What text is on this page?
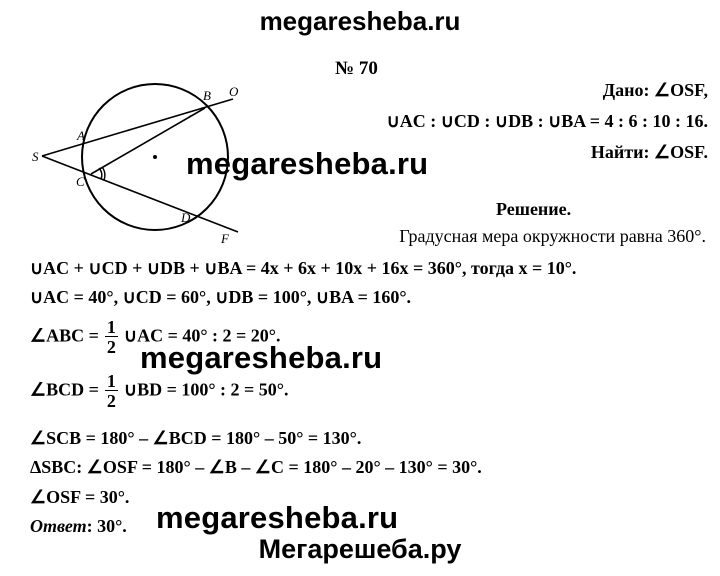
megaresheba.ru
Мегарешеба.ру
№ 70
S
A
B O
C
D
F
Дано: ∠OSF,
∪AC : ∪CD : ∪DB : ∪BA = 4 : 6 : 10 : 16.
Найти: ∠OSF.
Решение.
Градусная мера окружности равна 360°.
∪AC + ∪CD + ∪DB + ∪BA = 4x + 6x + 10x + 16x = 360°, тогда x = 10°.
∪AC = 40°, ∪CD = 60°, ∪DB = 100°, ∪BA = 160°.
∠ABC = $\frac{1}{2}$ ∪AC = 40° : 2 = 20°.
∠BCD = $\frac{1}{2}$ ∪BD = 100° : 2 = 50°.
∠SCB = 180° – ∠BCD = 180° – 50° = 130°.
ΔSBC: ∠OSF = 180° – ∠B – ∠C = 180° – 20° – 130° = 30°.
∠OSF = 30°.
Ответ: 30°.
megaresheba.ru
megaresheba.ru
megaresheba.ru
